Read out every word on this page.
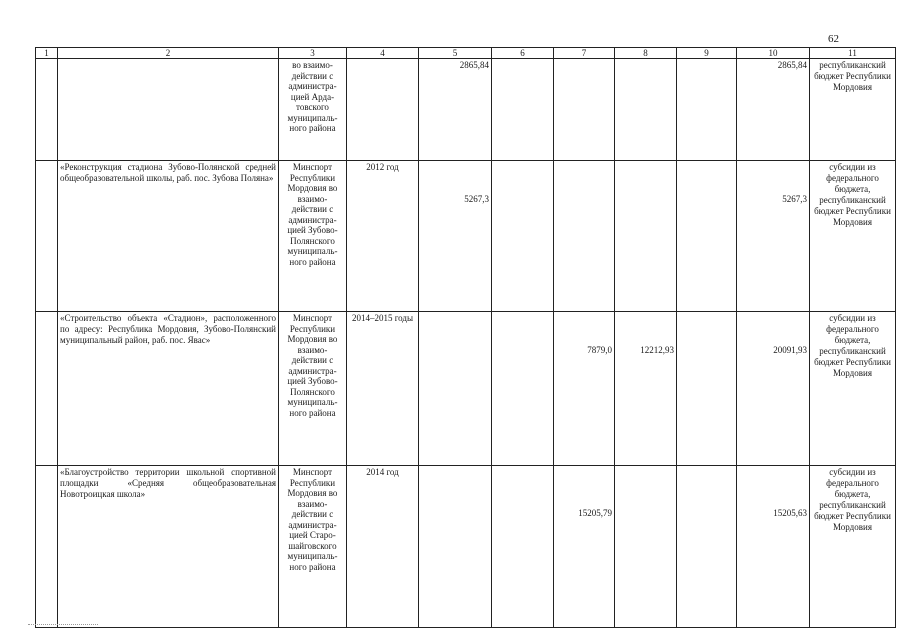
62
1	2	3	4	5	6	7	8	9	10	11
		во взаимо- действии с администра- цией Арда- товского муниципаль- ного района		2865,84					2865,84	республиканский бюджет Республики Мордовия
	«Реконструкция стадиона Зубово-Полянской средней общеобразовательной школы, раб. пос. Зубова Поляна»	Минспорт Республики Мордовия во взаимо- действии с администра- цией Зубово- Полянского муниципаль- ного района	2012 год	5267,3					5267,3	субсидии из федерального бюджета, республиканский бюджет Республики Мордовия
	«Строительство объекта «Стадион», расположенного по адресу: Республика Мордовия, Зубово-Полянский муниципальный район, раб. пос. Явас»	Минспорт Республики Мордовия во взаимо- действии с администра- цией Зубово- Полянского муниципаль- ного района	2014–2015 годы			7879,0	12212,93		20091,93	субсидии из федерального бюджета, республиканский бюджет Республики Мордовия
	«Благоустройство территории школьной спортивной площадки «Средняя общеобразовательная Новотроицкая школа»	Минспорт Республики Мордовия во взаимо- действии с администра- цией Старо- шайговского муниципаль- ного района	2014 год			15205,79			15205,63	субсидии из федерального бюджета, республиканский бюджет Республики Мордовия
